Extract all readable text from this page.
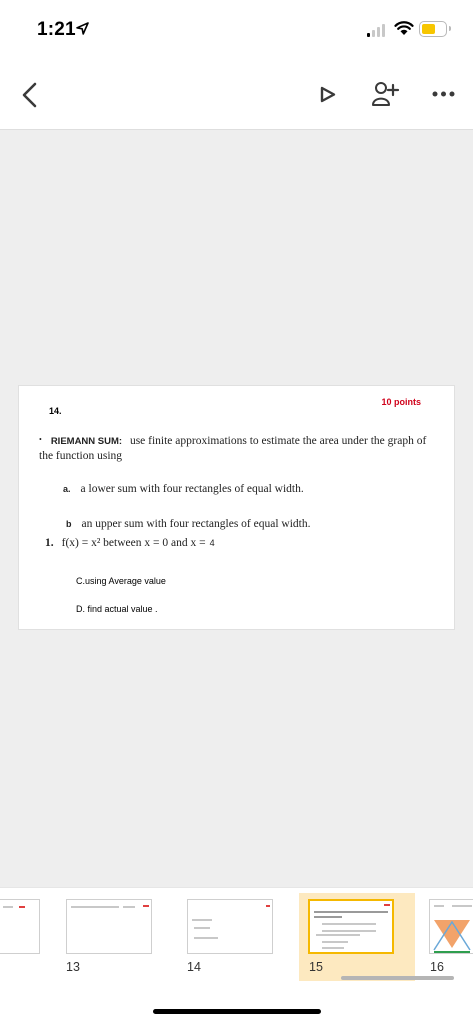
1:21
14.
10 points
• RIEMANN SUM: use finite approximations to estimate the area under the graph of the function using
a. a lower sum with four rectangles of equal width.
b an upper sum with four rectangles of equal width.
1. f(x) = x² between x = 0 and x = 4
C.using Average value
D. find actual value .
13	14	15	16
